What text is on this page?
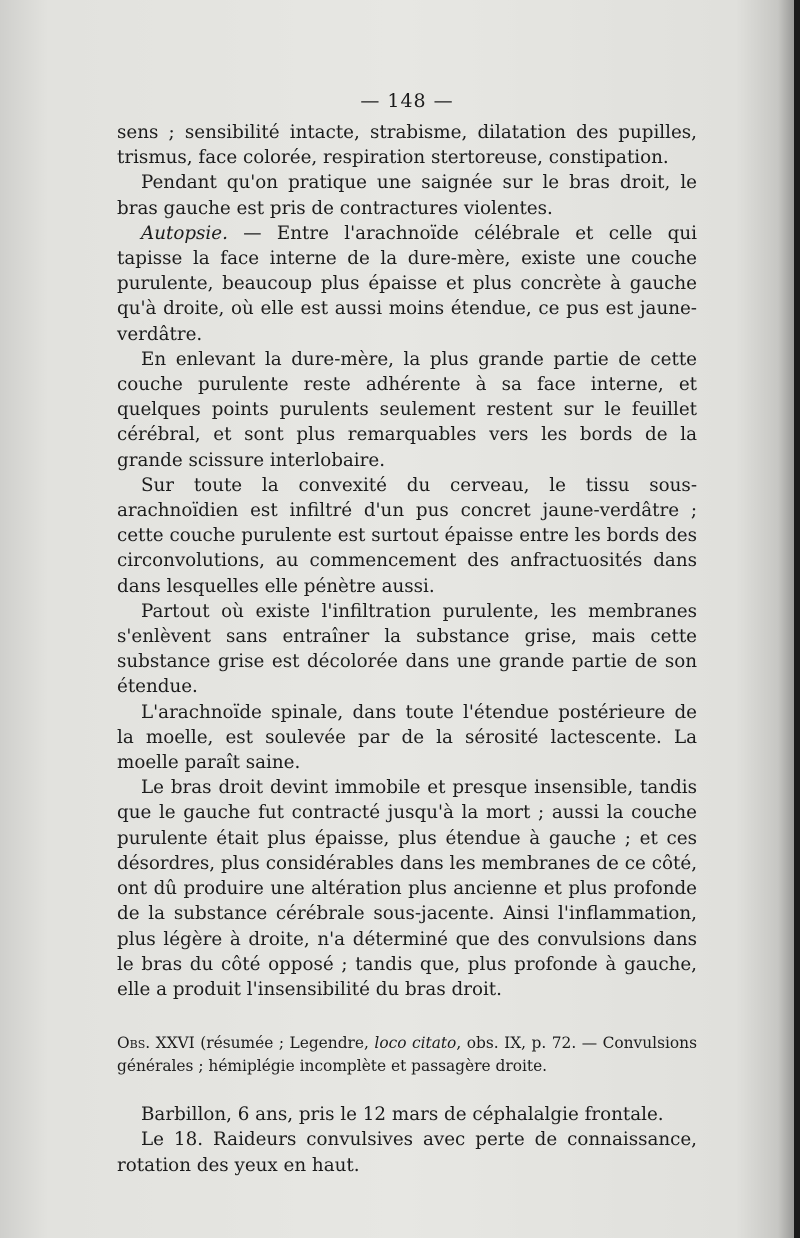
— 148 —

sens ; sensibilité intacte, strabisme, dilatation des pupilles, trismus, face colorée, respiration stertoreuse, constipation.

Pendant qu'on pratique une saignée sur le bras droit, le bras gauche est pris de contractures violentes.

Autopsie. — Entre l'arachnoïde célébrale et celle qui tapisse la face interne de la dure-mère, existe une couche purulente, beaucoup plus épaisse et plus concrète à gauche qu'à droite, où elle est aussi moins étendue, ce pus est jaune-verdâtre.

En enlevant la dure-mère, la plus grande partie de cette couche purulente reste adhérente à sa face interne, et quelques points purulents seulement restent sur le feuillet cérébral, et sont plus remarquables vers les bords de la grande scissure interlobaire.

Sur toute la convexité du cerveau, le tissu sous-arachnoïdien est infiltré d'un pus concret jaune-verdâtre ; cette couche purulente est surtout épaisse entre les bords des circonvolutions, au commencement des anfractuosités dans dans lesquelles elle pénètre aussi.

Partout où existe l'infiltration purulente, les membranes s'enlèvent sans entraîner la substance grise, mais cette substance grise est décolorée dans une grande partie de son étendue.

L'arachnoïde spinale, dans toute l'étendue postérieure de la moelle, est soulevée par de la sérosité lactescente. La moelle paraît saine.

Le bras droit devint immobile et presque insensible, tandis que le gauche fut contracté jusqu'à la mort ; aussi la couche purulente était plus épaisse, plus étendue à gauche ; et ces désordres, plus considérables dans les membranes de ce côté, ont dû produire une altération plus ancienne et plus profonde de la substance cérébrale sous-jacente. Ainsi l'inflammation, plus légère à droite, n'a déterminé que des convulsions dans le bras du côté opposé ; tandis que, plus profonde à gauche, elle a produit l'insensibilité du bras droit.

Obs. XXVI (résumée ; Legendre, loco citato, obs. IX, p. 72. — Convulsions générales ; hémiplégie incomplète et passagère droite.

Barbillon, 6 ans, pris le 12 mars de céphalalgie frontale.

Le 18. Raideurs convulsives avec perte de connaissance, rotation des yeux en haut.
